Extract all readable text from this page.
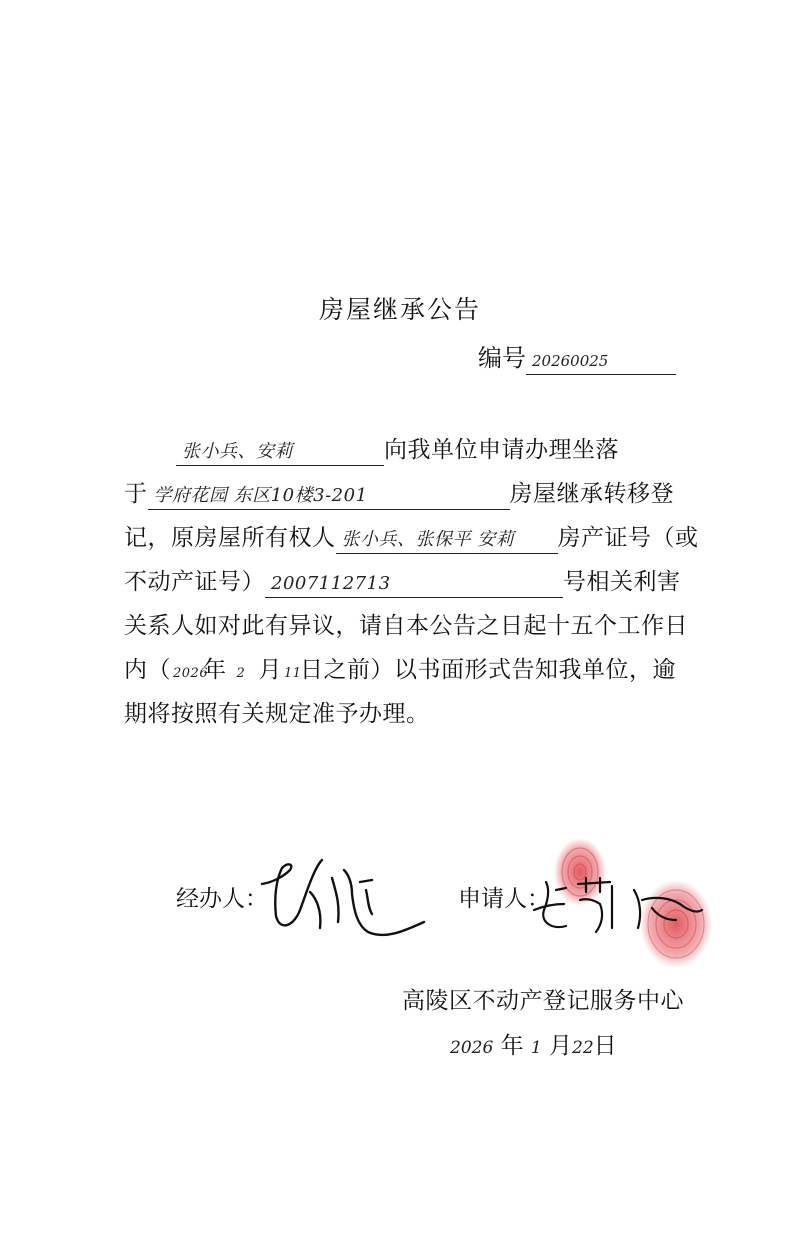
房屋继承公告
编号 20260025
张小兵、安莉	向我单位申请办理坐落
于 学府花园 东区10楼3-201	房屋继承转移登
记，原房屋所有权人 张小兵、张保平 安莉 房产证号（或
不动产证号） 2007112713	号相关利害
关系人如对此有异议，请自本公告之日起十五个工作日
内（ 2026年 2 月 11日之前）以书面形式告知我单位，逾
期将按照有关规定准予办理。
经办人：	申请人：
高陵区不动产登记服务中心
2026 年 1 月22日
